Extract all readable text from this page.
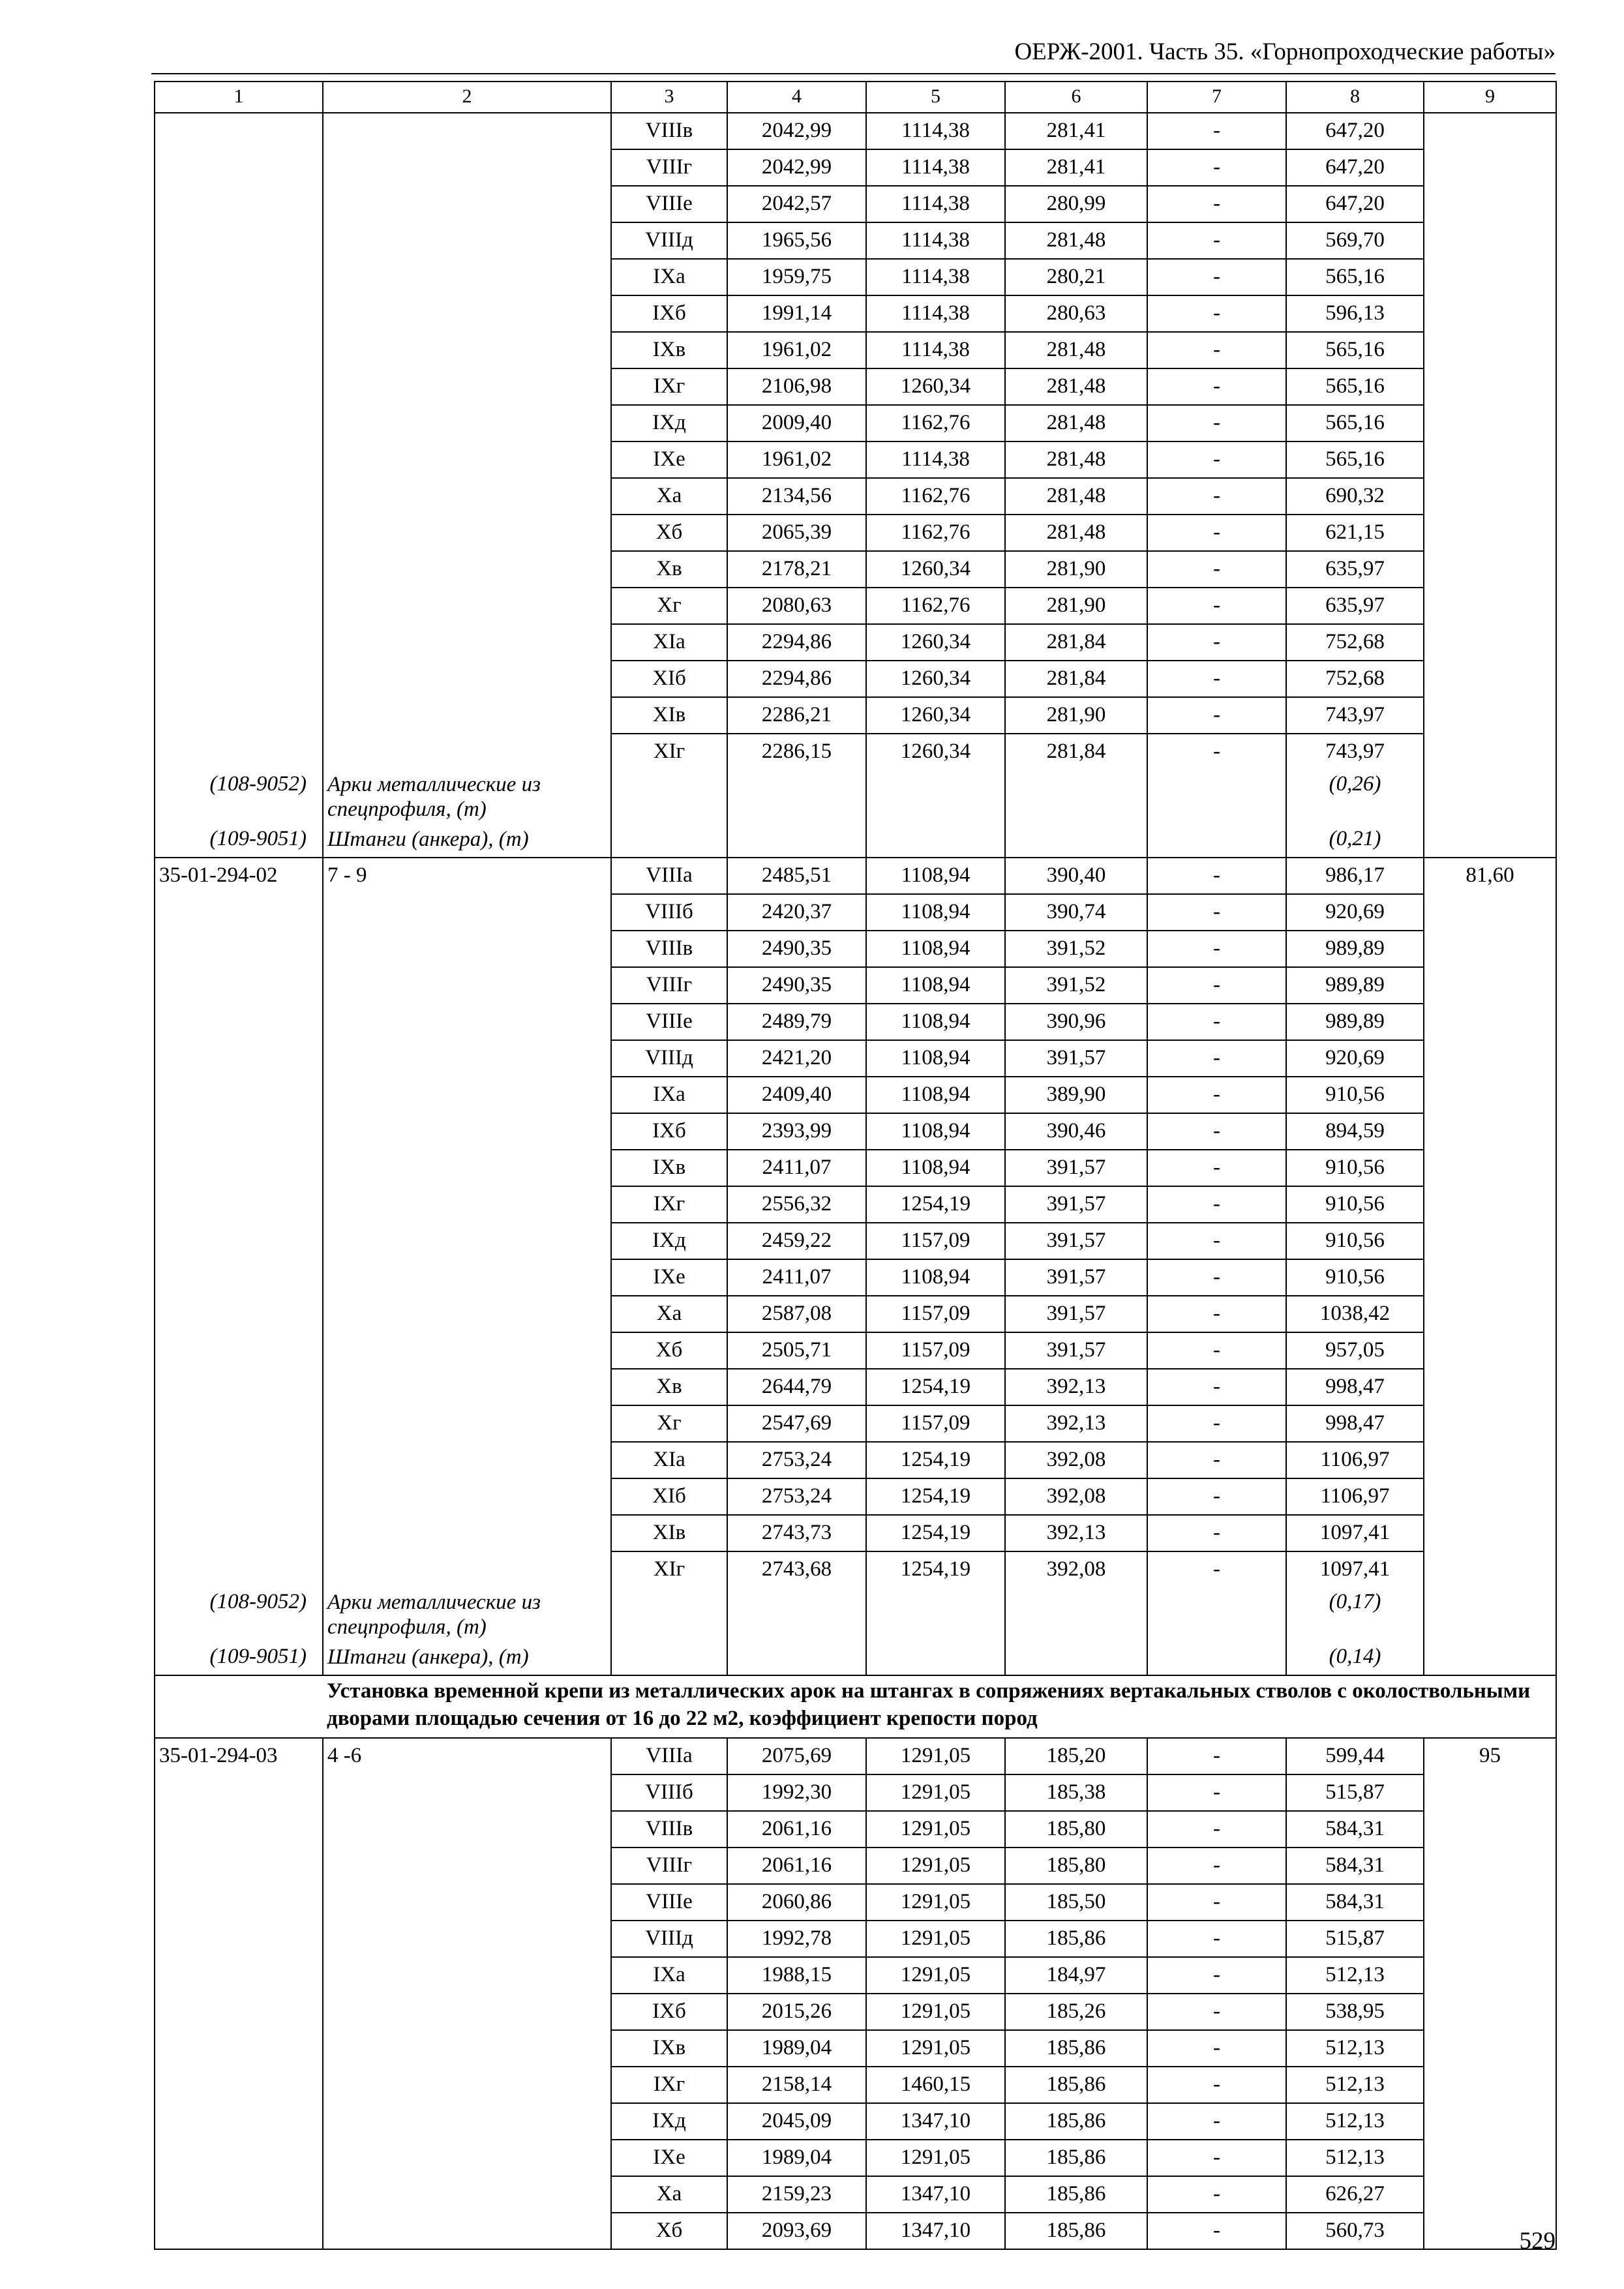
ОЕРЖ-2001. Часть 35. «Горнопроходческие работы»
1	2	3	4	5	6	7	8	9
		VIIIв	2042,99	1114,38	281,41	-	647,20	
		VIIIг	2042,99	1114,38	281,41	-	647,20	
		VIIIe	2042,57	1114,38	280,99	-	647,20	
		VIIIд	1965,56	1114,38	281,48	-	569,70	
		IXa	1959,75	1114,38	280,21	-	565,16	
		IXб	1991,14	1114,38	280,63	-	596,13	
		IXв	1961,02	1114,38	281,48	-	565,16	
		IXг	2106,98	1260,34	281,48	-	565,16	
		IXд	2009,40	1162,76	281,48	-	565,16	
		IXe	1961,02	1114,38	281,48	-	565,16	
		Xa	2134,56	1162,76	281,48	-	690,32	
		Xб	2065,39	1162,76	281,48	-	621,15	
		Xв	2178,21	1260,34	281,90	-	635,97	
		Xг	2080,63	1162,76	281,90	-	635,97	
		XIa	2294,86	1260,34	281,84	-	752,68	
		XIб	2294,86	1260,34	281,84	-	752,68	
		XIв	2286,21	1260,34	281,90	-	743,97	
		XIг	2286,15	1260,34	281,84	-	743,97	
(108-9052)	Арки металлические из спецпрофиля, (т)						(0,26)	
(109-9051)	Штанги (анкера), (т)						(0,21)	
35-01-294-02	7 - 9	VIIIa	2485,51	1108,94	390,40	-	986,17	81,60
		VIIIб	2420,37	1108,94	390,74	-	920,69	
		VIIIв	2490,35	1108,94	391,52	-	989,89	
		VIIIг	2490,35	1108,94	391,52	-	989,89	
		VIIIe	2489,79	1108,94	390,96	-	989,89	
		VIIIд	2421,20	1108,94	391,57	-	920,69	
		IXa	2409,40	1108,94	389,90	-	910,56	
		IXб	2393,99	1108,94	390,46	-	894,59	
		IXв	2411,07	1108,94	391,57	-	910,56	
		IXг	2556,32	1254,19	391,57	-	910,56	
		IXд	2459,22	1157,09	391,57	-	910,56	
		IXe	2411,07	1108,94	391,57	-	910,56	
		Xa	2587,08	1157,09	391,57	-	1038,42	
		Xб	2505,71	1157,09	391,57	-	957,05	
		Xв	2644,79	1254,19	392,13	-	998,47	
		Xг	2547,69	1157,09	392,13	-	998,47	
		XIa	2753,24	1254,19	392,08	-	1106,97	
		XIб	2753,24	1254,19	392,08	-	1106,97	
		XIв	2743,73	1254,19	392,13	-	1097,41	
		XIг	2743,68	1254,19	392,08	-	1097,41	
(108-9052)	Арки металлические из спецпрофиля, (т)						(0,17)	
(109-9051)	Штанги (анкера), (т)						(0,14)	
	Установка временной крепи из металлических арок на штангах в сопряжениях вертакальных стволов с околоствольными дворами площадью сечения от 16 до 22 м2, коэффициент крепости пород							
35-01-294-03	4 -6	VIIIa	2075,69	1291,05	185,20	-	599,44	95
		VIIIб	1992,30	1291,05	185,38	-	515,87	
		VIIIв	2061,16	1291,05	185,80	-	584,31	
		VIIIг	2061,16	1291,05	185,80	-	584,31	
		VIIIe	2060,86	1291,05	185,50	-	584,31	
		VIIIд	1992,78	1291,05	185,86	-	515,87	
		IXa	1988,15	1291,05	184,97	-	512,13	
		IXб	2015,26	1291,05	185,26	-	538,95	
		IXв	1989,04	1291,05	185,86	-	512,13	
		IXг	2158,14	1460,15	185,86	-	512,13	
		IXд	2045,09	1347,10	185,86	-	512,13	
		IXe	1989,04	1291,05	185,86	-	512,13	
		Xa	2159,23	1347,10	185,86	-	626,27	
		Xб	2093,69	1347,10	185,86	-	560,73		529
